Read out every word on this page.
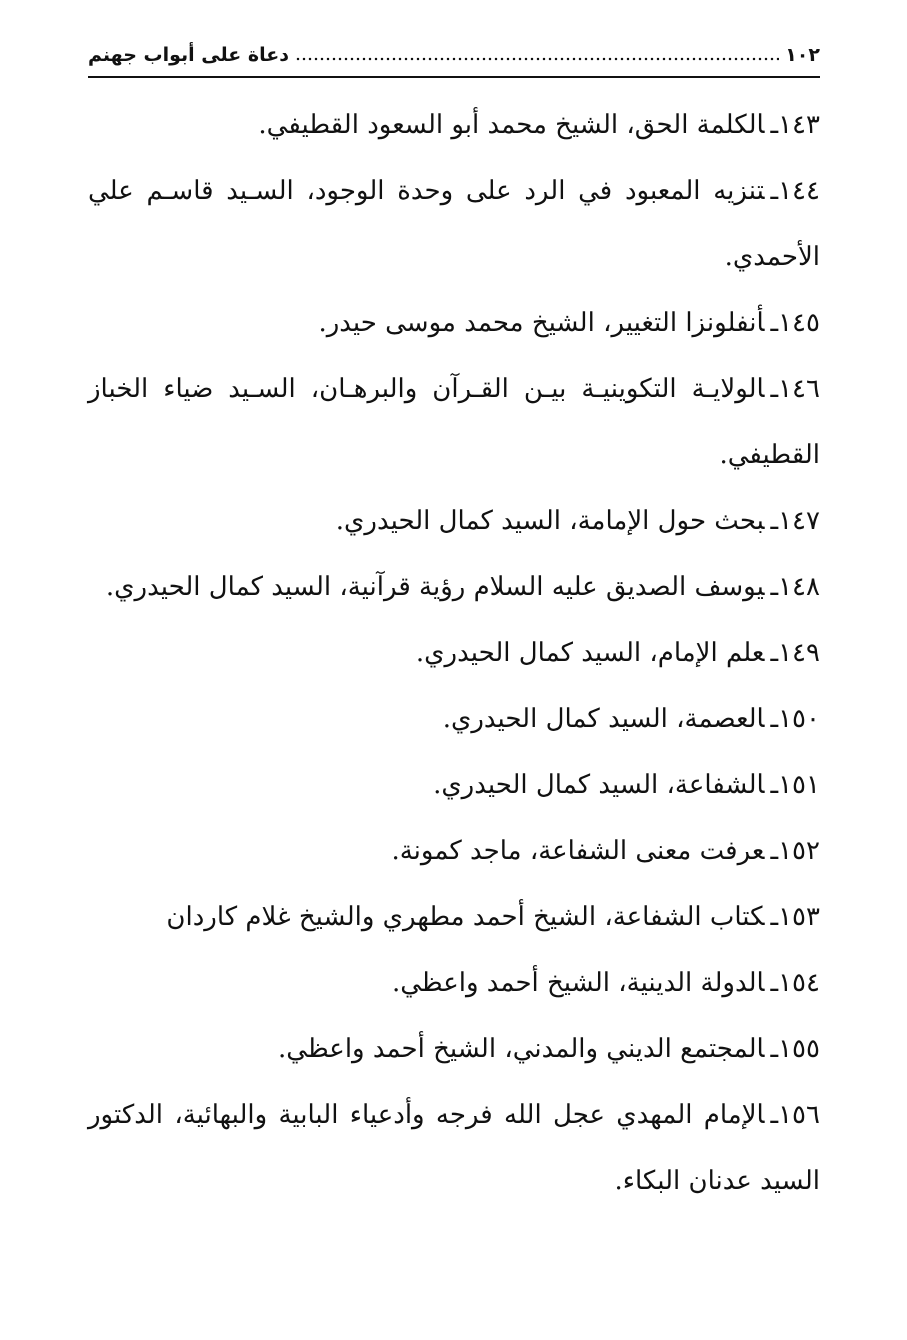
١٠٢
دعاة على أبواب جهنم

١٤٣ـالكلمة الحق، الشيخ محمد أبو السعود القطيفي.

١٤٤ـتنزيه المعبود في الرد على وحدة الوجود، السـيد قاسـم علي الأحمدي.

١٤٥ـأنفلونزا التغيير، الشيخ محمد موسى حيدر.

١٤٦ـالولايـة التكوينيـة بيـن القـرآن والبرهـان، السـيد ضياء الخباز القطيفي.

١٤٧ـبحث حول الإمامة، السيد كمال الحيدري.

١٤٨ـيوسف الصديق عليه السلام رؤية قرآنية، السيد كمال الحيدري.

١٤٩ـعلم الإمام، السيد كمال الحيدري.

١٥٠ـالعصمة، السيد كمال الحيدري.

١٥١ـالشفاعة، السيد كمال الحيدري.

١٥٢ـعرفت معنى الشفاعة، ماجد كمونة.

١٥٣ـكتاب الشفاعة، الشيخ أحمد مطهري والشيخ غلام كاردان

١٥٤ـالدولة الدينية، الشيخ أحمد واعظي.

١٥٥ـالمجتمع الديني والمدني، الشيخ أحمد واعظي.

١٥٦ـالإمام المهدي عجل الله فرجه وأدعياء البابية والبهائية، الدكتور السيد عدنان البكاء.
